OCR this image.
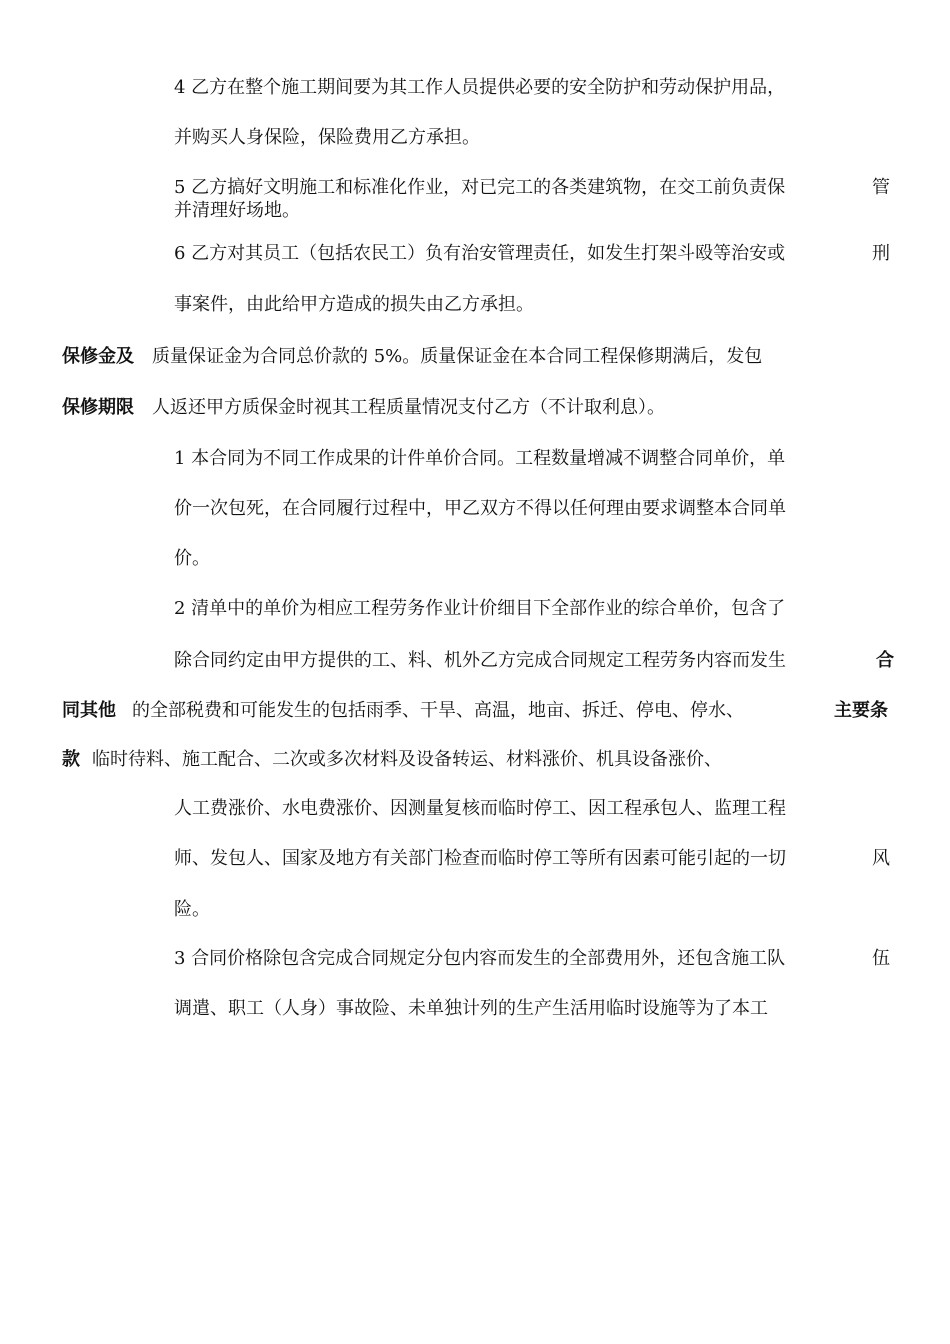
4 乙方在整个施工期间要为其工作人员提供必要的安全防护和劳动保护用品，
并购买人身保险，保险费用乙方承担。
5 乙方搞好文明施工和标准化作业，对已完工的各类建筑物，在交工前负责保	管
并清理好场地。
6 乙方对其员工（包括农民工）负有治安管理责任，如发生打架斗殴等治安或	刑
事案件，由此给甲方造成的损失由乙方承担。
保修金及 质量保证金为合同总价款的 5%。质量保证金在本合同工程保修期满后，发包
保修期限 人返还甲方质保金时视其工程质量情况支付乙方（不计取利息）。
1 本合同为不同工作成果的计件单价合同。工程数量增减不调整合同单价，单
价一次包死，在合同履行过程中，甲乙双方不得以任何理由要求调整本合同单
价。
2 清单中的单价为相应工程劳务作业计价细目下全部作业的综合单价，包含了
除合同约定由甲方提供的工、料、机外乙方完成合同规定工程劳务内容而发生	合
同其他 的全部税费和可能发生的包括雨季、干旱、高温，地亩、拆迁、停电、停水、	主要条
款 临时待料、施工配合、二次或多次材料及设备转运、材料涨价、机具设备涨价、
人工费涨价、水电费涨价、因测量复核而临时停工、因工程承包人、监理工程
师、发包人、国家及地方有关部门检查而临时停工等所有因素可能引起的一切	风
险。
3 合同价格除包含完成合同规定分包内容而发生的全部费用外，还包含施工队	伍
调遣、职工（人身）事故险、未单独计列的生产生活用临时设施等为了本工
